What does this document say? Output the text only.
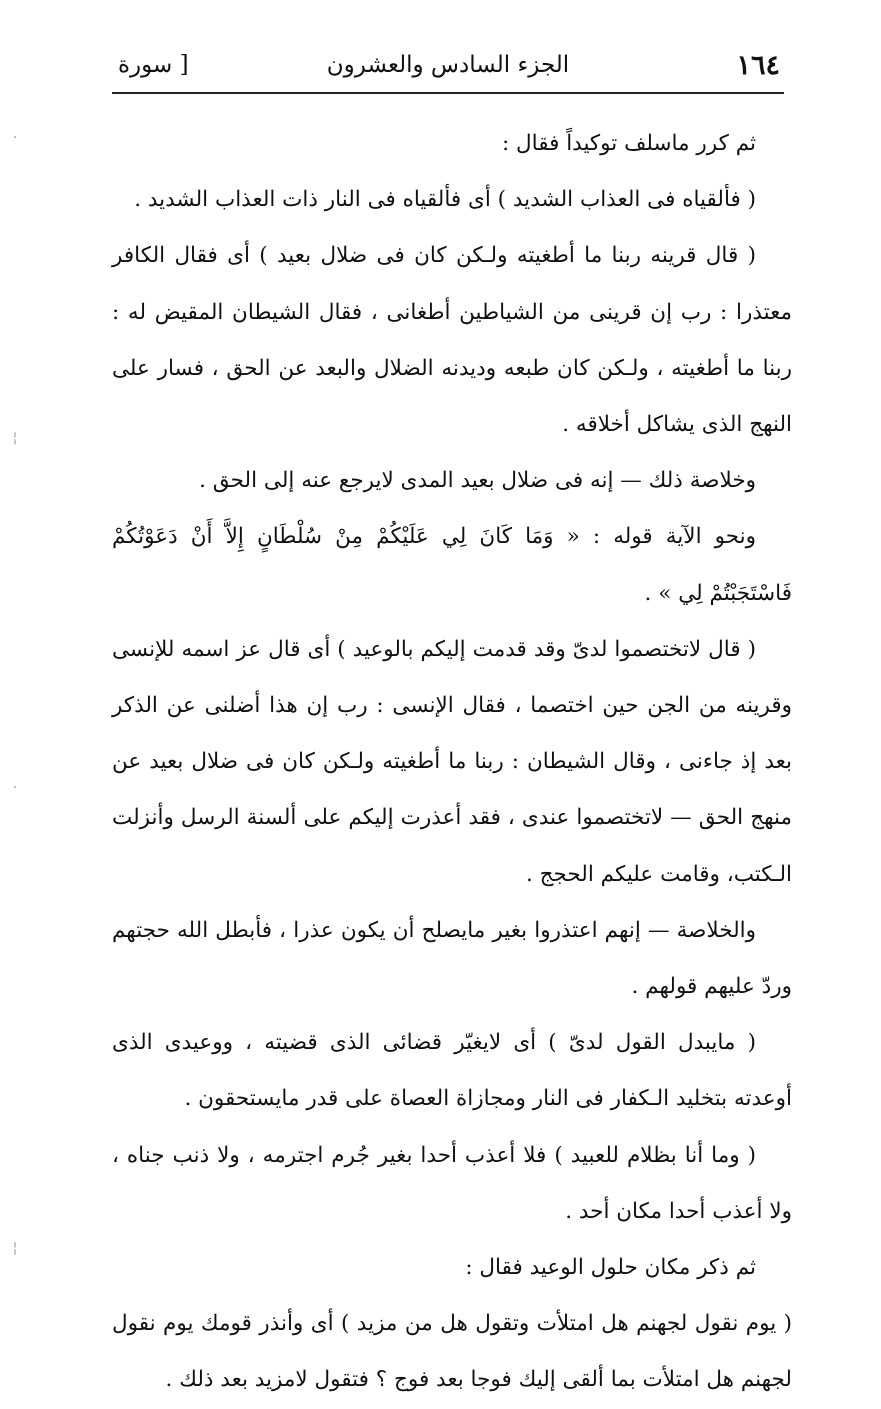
١٦٤
الجزء السادس والعشرون
[ سورة
·
¦
·
¦

ثم كرر ماسلف توكيداً فقال :

( فألقياه فى العذاب الشديد ) أى فألقياه فى النار ذات العذاب الشديد .

( قال قرينه ربنا ما أطغيته ولـكن كان فى ضلال بعيد ) أى فقال الكافر معتذرا : رب إن قرينى من الشياطين أطغانى ، فقال الشيطان المقيض له : ربنا ما أطغيته ، ولـكن كان طبعه وديدنه الضلال والبعد عن الحق ، فسار على النهج الذى يشاكل أخلاقه .

وخلاصة ذلك — إنه فى ضلال بعيد المدى لايرجع عنه إلى الحق .

ونحو الآية قوله : « وَمَا كَانَ لِي عَلَيْكُمْ مِنْ سُلْطَانٍ إِلاَّ أَنْ دَعَوْتُكُمْ فَاسْتَجَبْتُمْ لِي » .

( قال لاتختصموا لدىّ وقد قدمت إليكم بالوعيد ) أى قال عز اسمه للإنسى وقرينه من الجن حين اختصما ، فقال الإنسى : رب إن هذا أضلنى عن الذكر بعد إذ جاءنى ، وقال الشيطان : ربنا ما أطغيته ولـكن كان فى ضلال بعيد عن منهج الحق — لاتختصموا عندى ، فقد أعذرت إليكم على ألسنة الرسل وأنزلت الـكتب، وقامت عليكم الحجج .

والخلاصة — إنهم اعتذروا بغير مايصلح أن يكون عذرا ، فأبطل الله حجتهم وردّ عليهم قولهم .

( مايبدل القول لدىّ ) أى لايغيّر قضائى الذى قضيته ، ووعيدى الذى أوعدته بتخليد الـكفار فى النار ومجازاة العصاة على قدر مايستحقون .

( وما أنا بظلام للعبيد ) فلا أعذب أحدا بغير جُرم اجترمه ، ولا ذنب جناه ، ولا أعذب أحدا مكان أحد .

ثم ذكر مكان حلول الوعيد فقال :

( يوم نقول لجهنم هل امتلأت وتقول هل من مزيد ) أى وأنذر قومك يوم نقول لجهنم هل امتلأت بما ألقى إليك فوجا بعد فوج ؟ فتقول لامزيد بعد ذلك .
